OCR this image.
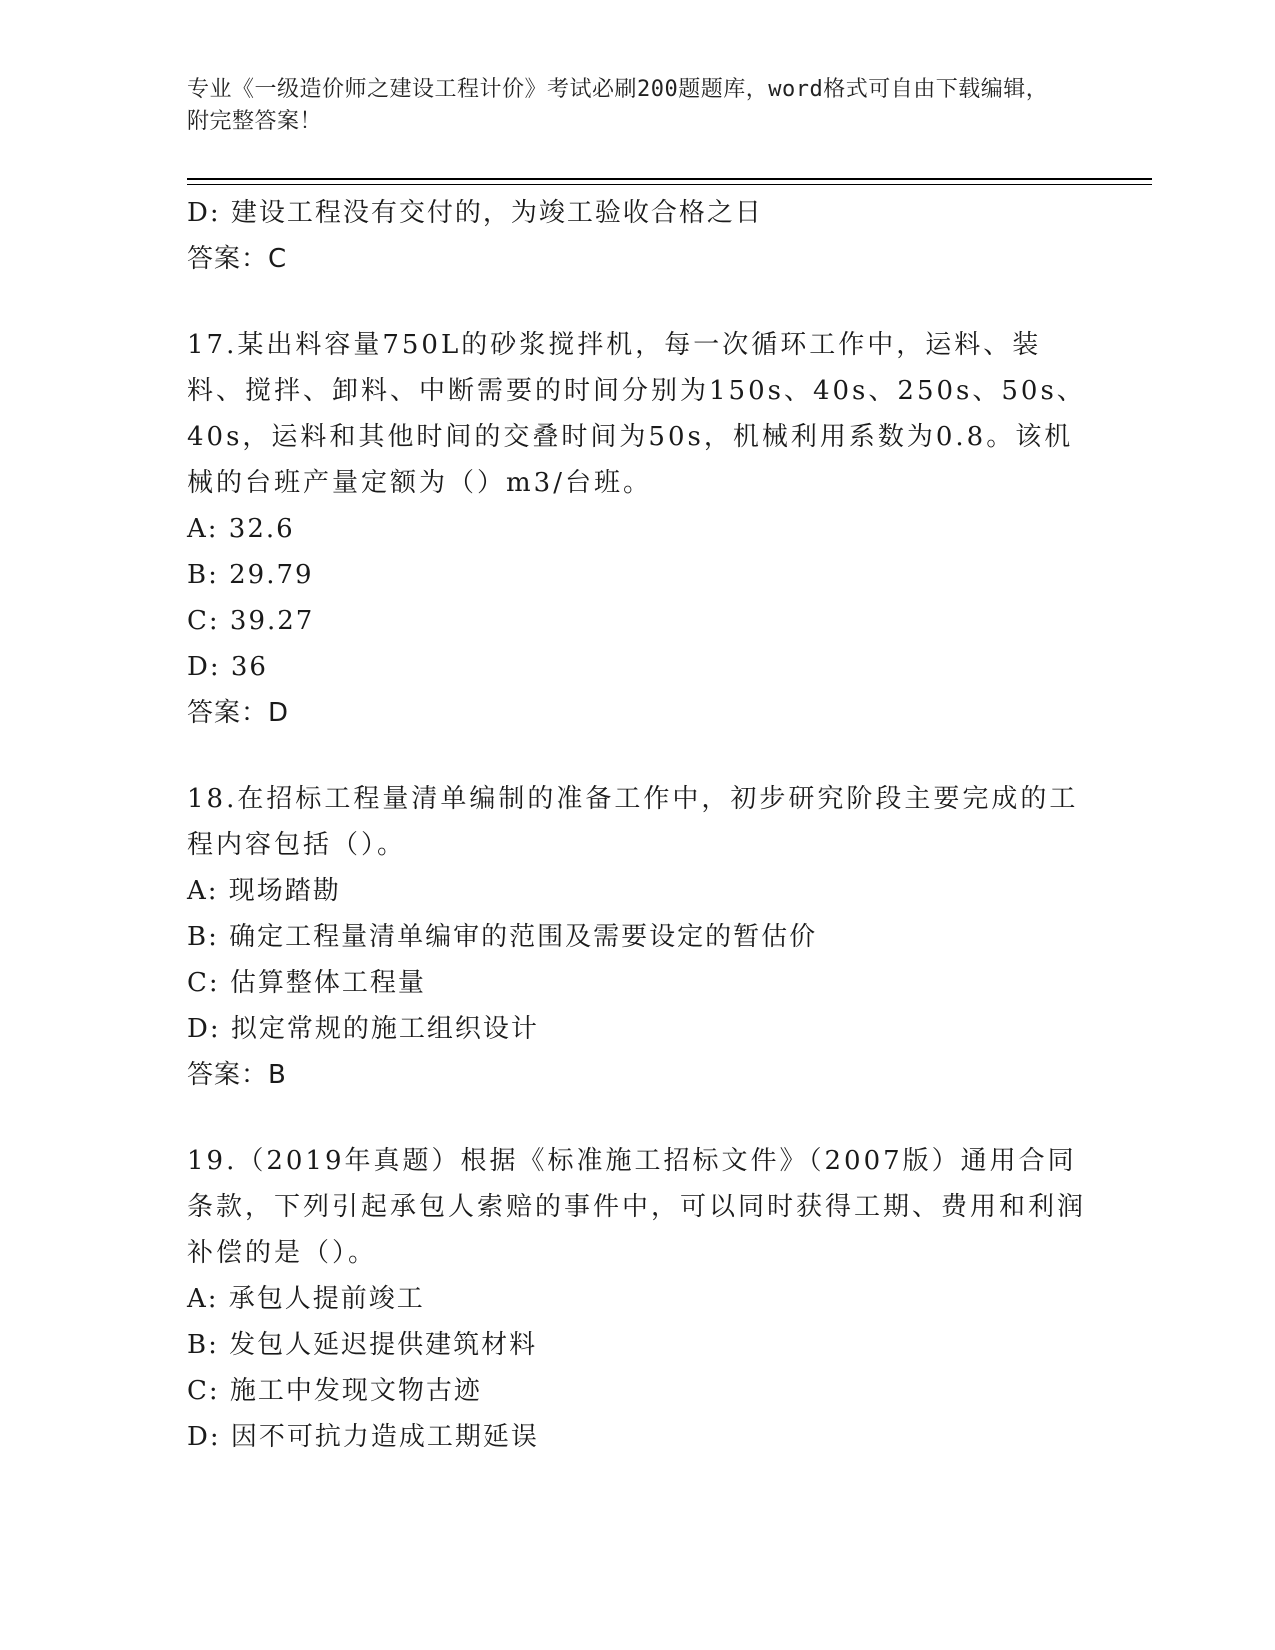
专业《一级造价师之建设工程计价》考试必刷200题题库，word格式可自由下载编辑，附完整答案！
D: 建设工程没有交付的，为竣工验收合格之日
答案：C
17.某出料容量750L的砂浆搅拌机，每一次循环工作中，运料、装料、搅拌、卸料、中断需要的时间分别为150s、40s、250s、50s、40s，运料和其他时间的交叠时间为50s，机械利用系数为0.8。该机械的台班产量定额为（）m3/台班。
A: 32.6
B: 29.79
C: 39.27
D: 36
答案：D
18.在招标工程量清单编制的准备工作中，初步研究阶段主要完成的工程内容包括（）。
A: 现场踏勘
B: 确定工程量清单编审的范围及需要设定的暂估价
C: 估算整体工程量
D: 拟定常规的施工组织设计
答案：B
19.（2019年真题）根据《标准施工招标文件》（2007版）通用合同条款，下列引起承包人索赔的事件中，可以同时获得工期、费用和利润补偿的是（）。
A: 承包人提前竣工
B: 发包人延迟提供建筑材料
C: 施工中发现文物古迹
D: 因不可抗力造成工期延误
